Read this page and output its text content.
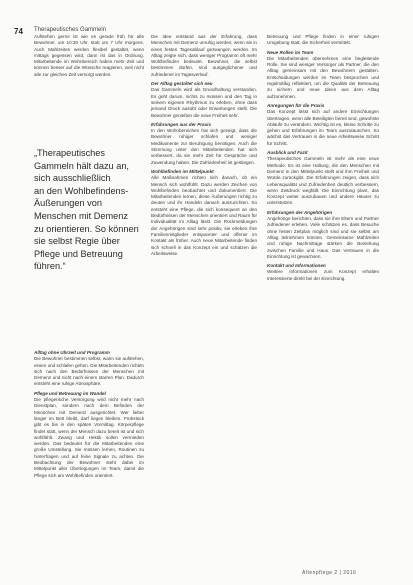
74 Therapeutisches Gammeln

Aufstehen gerne ist wie es gerade früh für alle Bewohner, um 10:30 Uhr, statt um 7 Uhr morgens. Auch Mahlzeiten werden flexibel gestaltet, wenn mittags gegessen wird, dann ist das in Ordnung. Mitarbeitende im Wohnbereich haben mehr Zeit und können besser auf die Wünsche reagieren, weil nicht alle zur gleichen Zeit versorgt werden.

„Therapeutisches
Gammeln hält dazu an,
sich ausschließlich
an den Wohlbefindens-
Äußerungen von
Menschen mit Demenz
zu orientieren. So können
sie selbst Regie über
Pflege und Betreuung
führen.“
Alltag ohne Uhrzeit und Programm

Die Bewohner bestimmen selbst, wann sie aufstehen, essen und schlafen gehen. Die Mitarbeitenden richten sich nach den Bedürfnissen der Menschen mit Demenz und nicht nach einem starren Plan. Dadurch entsteht eine ruhige Atmosphäre.

Pflege und Betreuung im Wandel

Die pflegerische Versorgung wird nicht mehr nach Dienstplan, sondern nach dem Befinden der Menschen mit Demenz ausgerichtet. Wer lieber länger im Bett bleibt, darf liegen bleiben. Frühstück gibt es bis in den späten Vormittag. Körperpflege findet statt, wenn der Mensch dazu bereit ist und sich wohlfühlt. Zwang und Hektik sollen vermieden werden. Das bedeutet für die Mitarbeitenden eine große Umstellung. Sie müssen lernen, Routinen zu hinterfragen und auf feine Signale zu achten. Die Beobachtung der Bewohner steht dabei im Mittelpunkt aller Überlegungen im Team, damit die Pflege sich am Wohlbefinden orientiert.

Die Idee entstand aus der Erfahrung, dass Menschen mit Demenz unruhig werden, wenn sie in einen festen Tagesablauf gezwungen werden. Im Alltag zeigte sich, dass weniger Programm oft mehr Wohlbefinden bedeutet. Bewohner, die selbst bestimmen dürfen, sind ausgeglichener und zufriedener im Tagesverlauf.

Der Alltag gestaltet sich neu

Das Gammeln wird als Grundhaltung verstanden. Es geht darum, nichts zu müssen und den Tag in seinem eigenen Rhythmus zu erleben, ohne dass jemand Druck ausübt oder Erwartungen stellt. Die Bewohner genießen die neue Freiheit sehr.

Erfahrungen aus der Praxis

In den Wohnbereichen hat sich gezeigt, dass die Bewohner ruhiger schlafen und weniger Medikamente zur Beruhigung benötigen. Auch die Stimmung unter den Mitarbeitenden hat sich verbessert, da sie mehr Zeit für Gespräche und Zuwendung haben. Die Zufriedenheit ist gestiegen.

Wohlbefinden im Mittelpunkt

Alle Maßnahmen richten sich danach, ob ein Mensch sich wohlfühlt. Dazu werden Zeichen von Wohlbefinden beobachtet und dokumentiert. Die Mitarbeitenden lernen, diese Äußerungen richtig zu deuten und ihr Handeln danach auszurichten. So entsteht eine Pflege, die sich konsequent an den Bedürfnissen der Menschen orientiert und Raum für Individualität im Alltag lässt. Die Rückmeldungen der Angehörigen sind sehr positiv, sie erleben ihre Familienmitglieder entspannter und offener im Kontakt als früher. Auch neue Mitarbeitende finden sich schnell in das Konzept ein und schätzen die Arbeitsweise.

Betreuung und Pflege finden in einer ruhigen Umgebung statt, die Sicherheit vermittelt.

Neue Rollen im Team

Die Mitarbeitenden übernehmen eine begleitende Rolle. Sie sind weniger Versorger als Partner, die den Alltag gemeinsam mit den Bewohnern gestalten. Entscheidungen werden im Team besprochen und regelmäßig reflektiert, um die Qualität der Betreuung zu sichern und neue Ideen aus dem Alltag aufzunehmen.

Anregungen für die Praxis

Das Konzept lässt sich auf andere Einrichtungen übertragen, wenn alle Beteiligten bereit sind, gewohnte Abläufe zu verändern. Wichtig ist es, kleine Schritte zu gehen und Erfahrungen im Team auszutauschen. So wächst das Vertrauen in die neue Arbeitsweise Schritt für Schritt.

Ausblick und Fazit

Therapeutisches Gammeln ist mehr als eine neue Methode. Es ist eine Haltung, die den Menschen mit Demenz in den Mittelpunkt stellt und ihm Freiheit und Würde zurückgibt. Die Erfahrungen zeigen, dass sich Lebensqualität und Zufriedenheit deutlich verbessern, wenn Zeitdruck wegfällt. Die Einrichtung plant, das Konzept weiter auszubauen und andere Häuser zu unterstützen.

Erfahrungen der Angehörigen

Angehörige berichten, dass sie ihre Eltern und Partner zufriedener erleben. Viele schätzen es, dass Besuche ohne festen Zeitplan möglich sind und sie selbst am Alltag teilnehmen können. Gemeinsame Mahlzeiten und ruhige Nachmittage stärken die Beziehung zwischen Familie und Haus. Das Vertrauen in die Einrichtung ist gewachsen.

Kontakt und Informationen

Weitere Informationen zum Konzept erhalten Interessierte direkt bei der Einrichtung.

Altenpflege 2 | 2016
